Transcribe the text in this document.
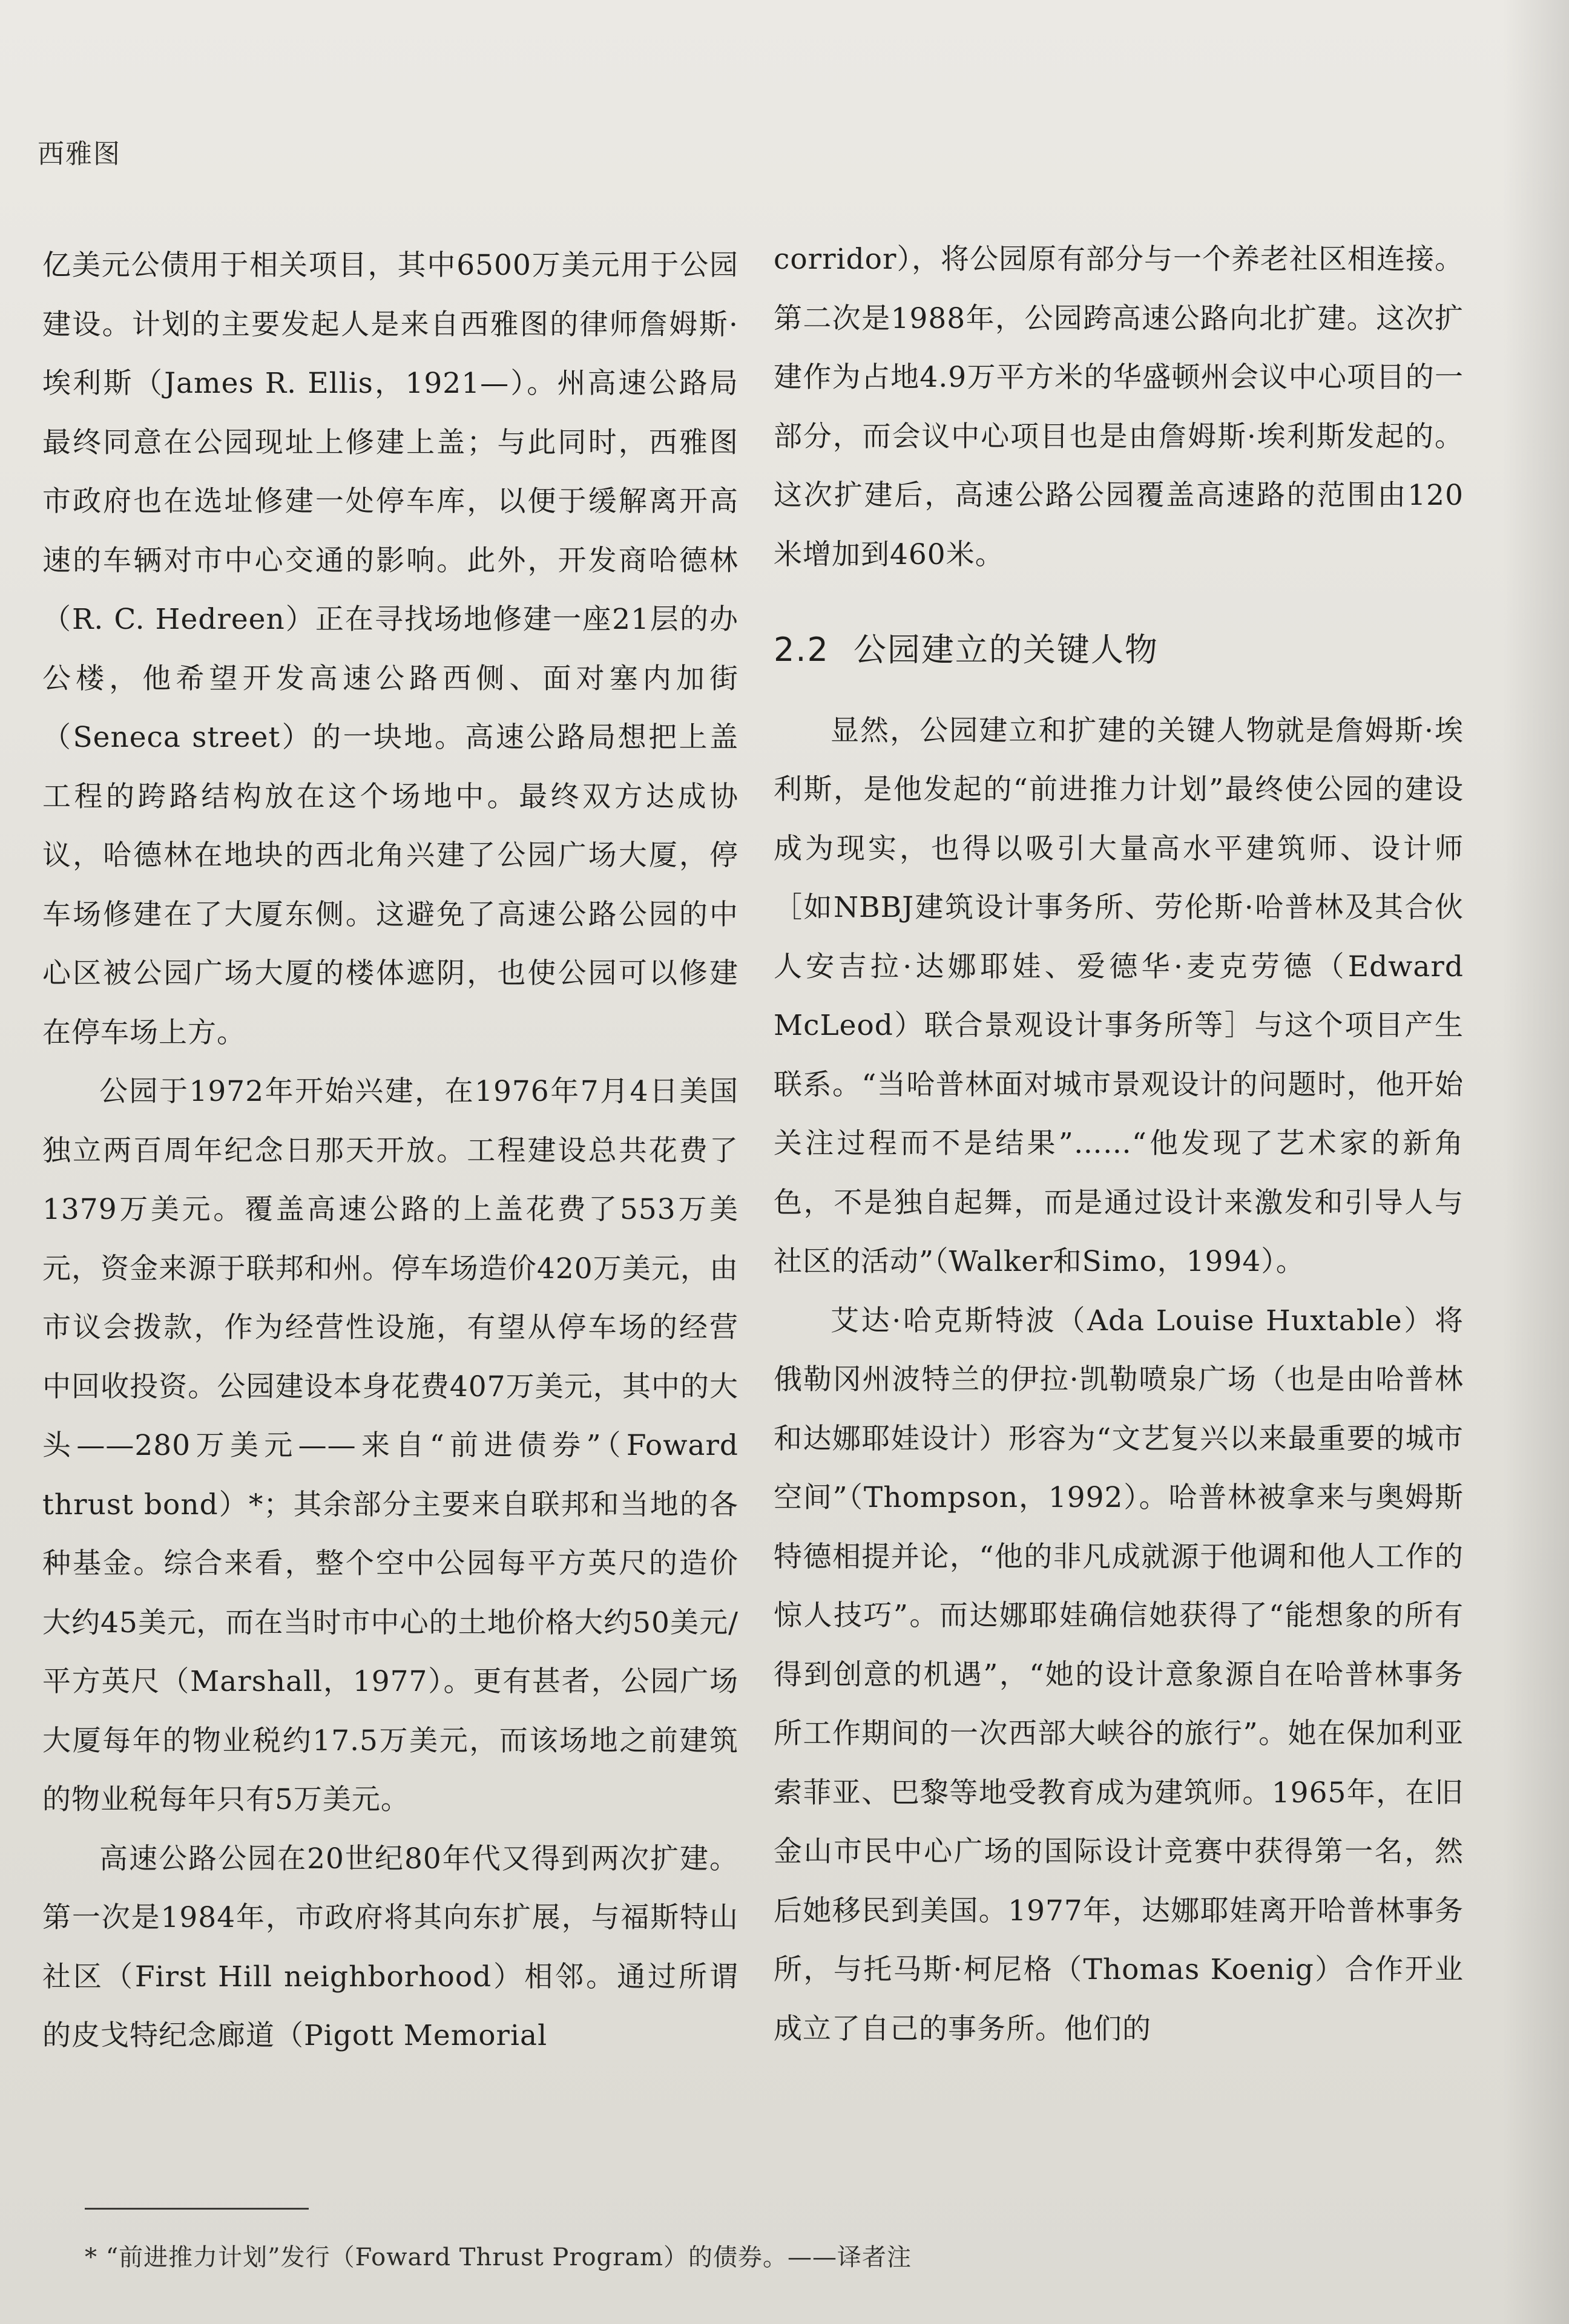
西雅图

亿美元公债用于相关项目，其中6500万美元用于公园建设。计划的主要发起人是来自西雅图的律师詹姆斯·埃利斯（James R. Ellis，1921—）。州高速公路局最终同意在公园现址上修建上盖；与此同时，西雅图市政府也在选址修建一处停车库，以便于缓解离开高速的车辆对市中心交通的影响。此外，开发商哈德林（R. C. Hedreen）正在寻找场地修建一座21层的办公楼，他希望开发高速公路西侧、面对塞内加街（Seneca street）的一块地。高速公路局想把上盖工程的跨路结构放在这个场地中。最终双方达成协议，哈德林在地块的西北角兴建了公园广场大厦，停车场修建在了大厦东侧。这避免了高速公路公园的中心区被公园广场大厦的楼体遮阴，也使公园可以修建在停车场上方。

公园于1972年开始兴建，在1976年7月4日美国独立两百周年纪念日那天开放。工程建设总共花费了1379万美元。覆盖高速公路的上盖花费了553万美元，资金来源于联邦和州。停车场造价420万美元，由市议会拨款，作为经营性设施，有望从停车场的经营中回收投资。公园建设本身花费407万美元，其中的大头——280万美元——来自“前进债券”（Foward thrust bond）*；其余部分主要来自联邦和当地的各种基金。综合来看，整个空中公园每平方英尺的造价大约45美元，而在当时市中心的土地价格大约50美元/平方英尺（Marshall，1977）。更有甚者，公园广场大厦每年的物业税约17.5万美元，而该场地之前建筑的物业税每年只有5万美元。

高速公路公园在20世纪80年代又得到两次扩建。第一次是1984年，市政府将其向东扩展，与福斯特山社区（First Hill neighborhood）相邻。通过所谓的皮戈特纪念廊道（Pigott Memorial

corridor），将公园原有部分与一个养老社区相连接。第二次是1988年，公园跨高速公路向北扩建。这次扩建作为占地4.9万平方米的华盛顿州会议中心项目的一部分，而会议中心项目也是由詹姆斯·埃利斯发起的。这次扩建后，高速公路公园覆盖高速路的范围由120米增加到460米。

2.2 公园建立的关键人物

显然，公园建立和扩建的关键人物就是詹姆斯·埃利斯，是他发起的“前进推力计划”最终使公园的建设成为现实，也得以吸引大量高水平建筑师、设计师［如NBBJ建筑设计事务所、劳伦斯·哈普林及其合伙人安吉拉·达娜耶娃、爱德华·麦克劳德（Edward McLeod）联合景观设计事务所等］与这个项目产生联系。“当哈普林面对城市景观设计的问题时，他开始关注过程而不是结果”……“他发现了艺术家的新角色，不是独自起舞，而是通过设计来激发和引导人与社区的活动”（Walker和Simo，1994）。

艾达·哈克斯特波（Ada Louise Huxtable）将俄勒冈州波特兰的伊拉·凯勒喷泉广场（也是由哈普林和达娜耶娃设计）形容为“文艺复兴以来最重要的城市空间”（Thompson，1992）。哈普林被拿来与奥姆斯特德相提并论，“他的非凡成就源于他调和他人工作的惊人技巧”。而达娜耶娃确信她获得了“能想象的所有得到创意的机遇”，“她的设计意象源自在哈普林事务所工作期间的一次西部大峡谷的旅行”。她在保加利亚索菲亚、巴黎等地受教育成为建筑师。1965年，在旧金山市民中心广场的国际设计竞赛中获得第一名，然后她移民到美国。1977年，达娜耶娃离开哈普林事务所，与托马斯·柯尼格（Thomas Koenig）合作开业成立了自己的事务所。他们的

* “前进推力计划”发行（Foward Thrust Program）的债券。——译者注
